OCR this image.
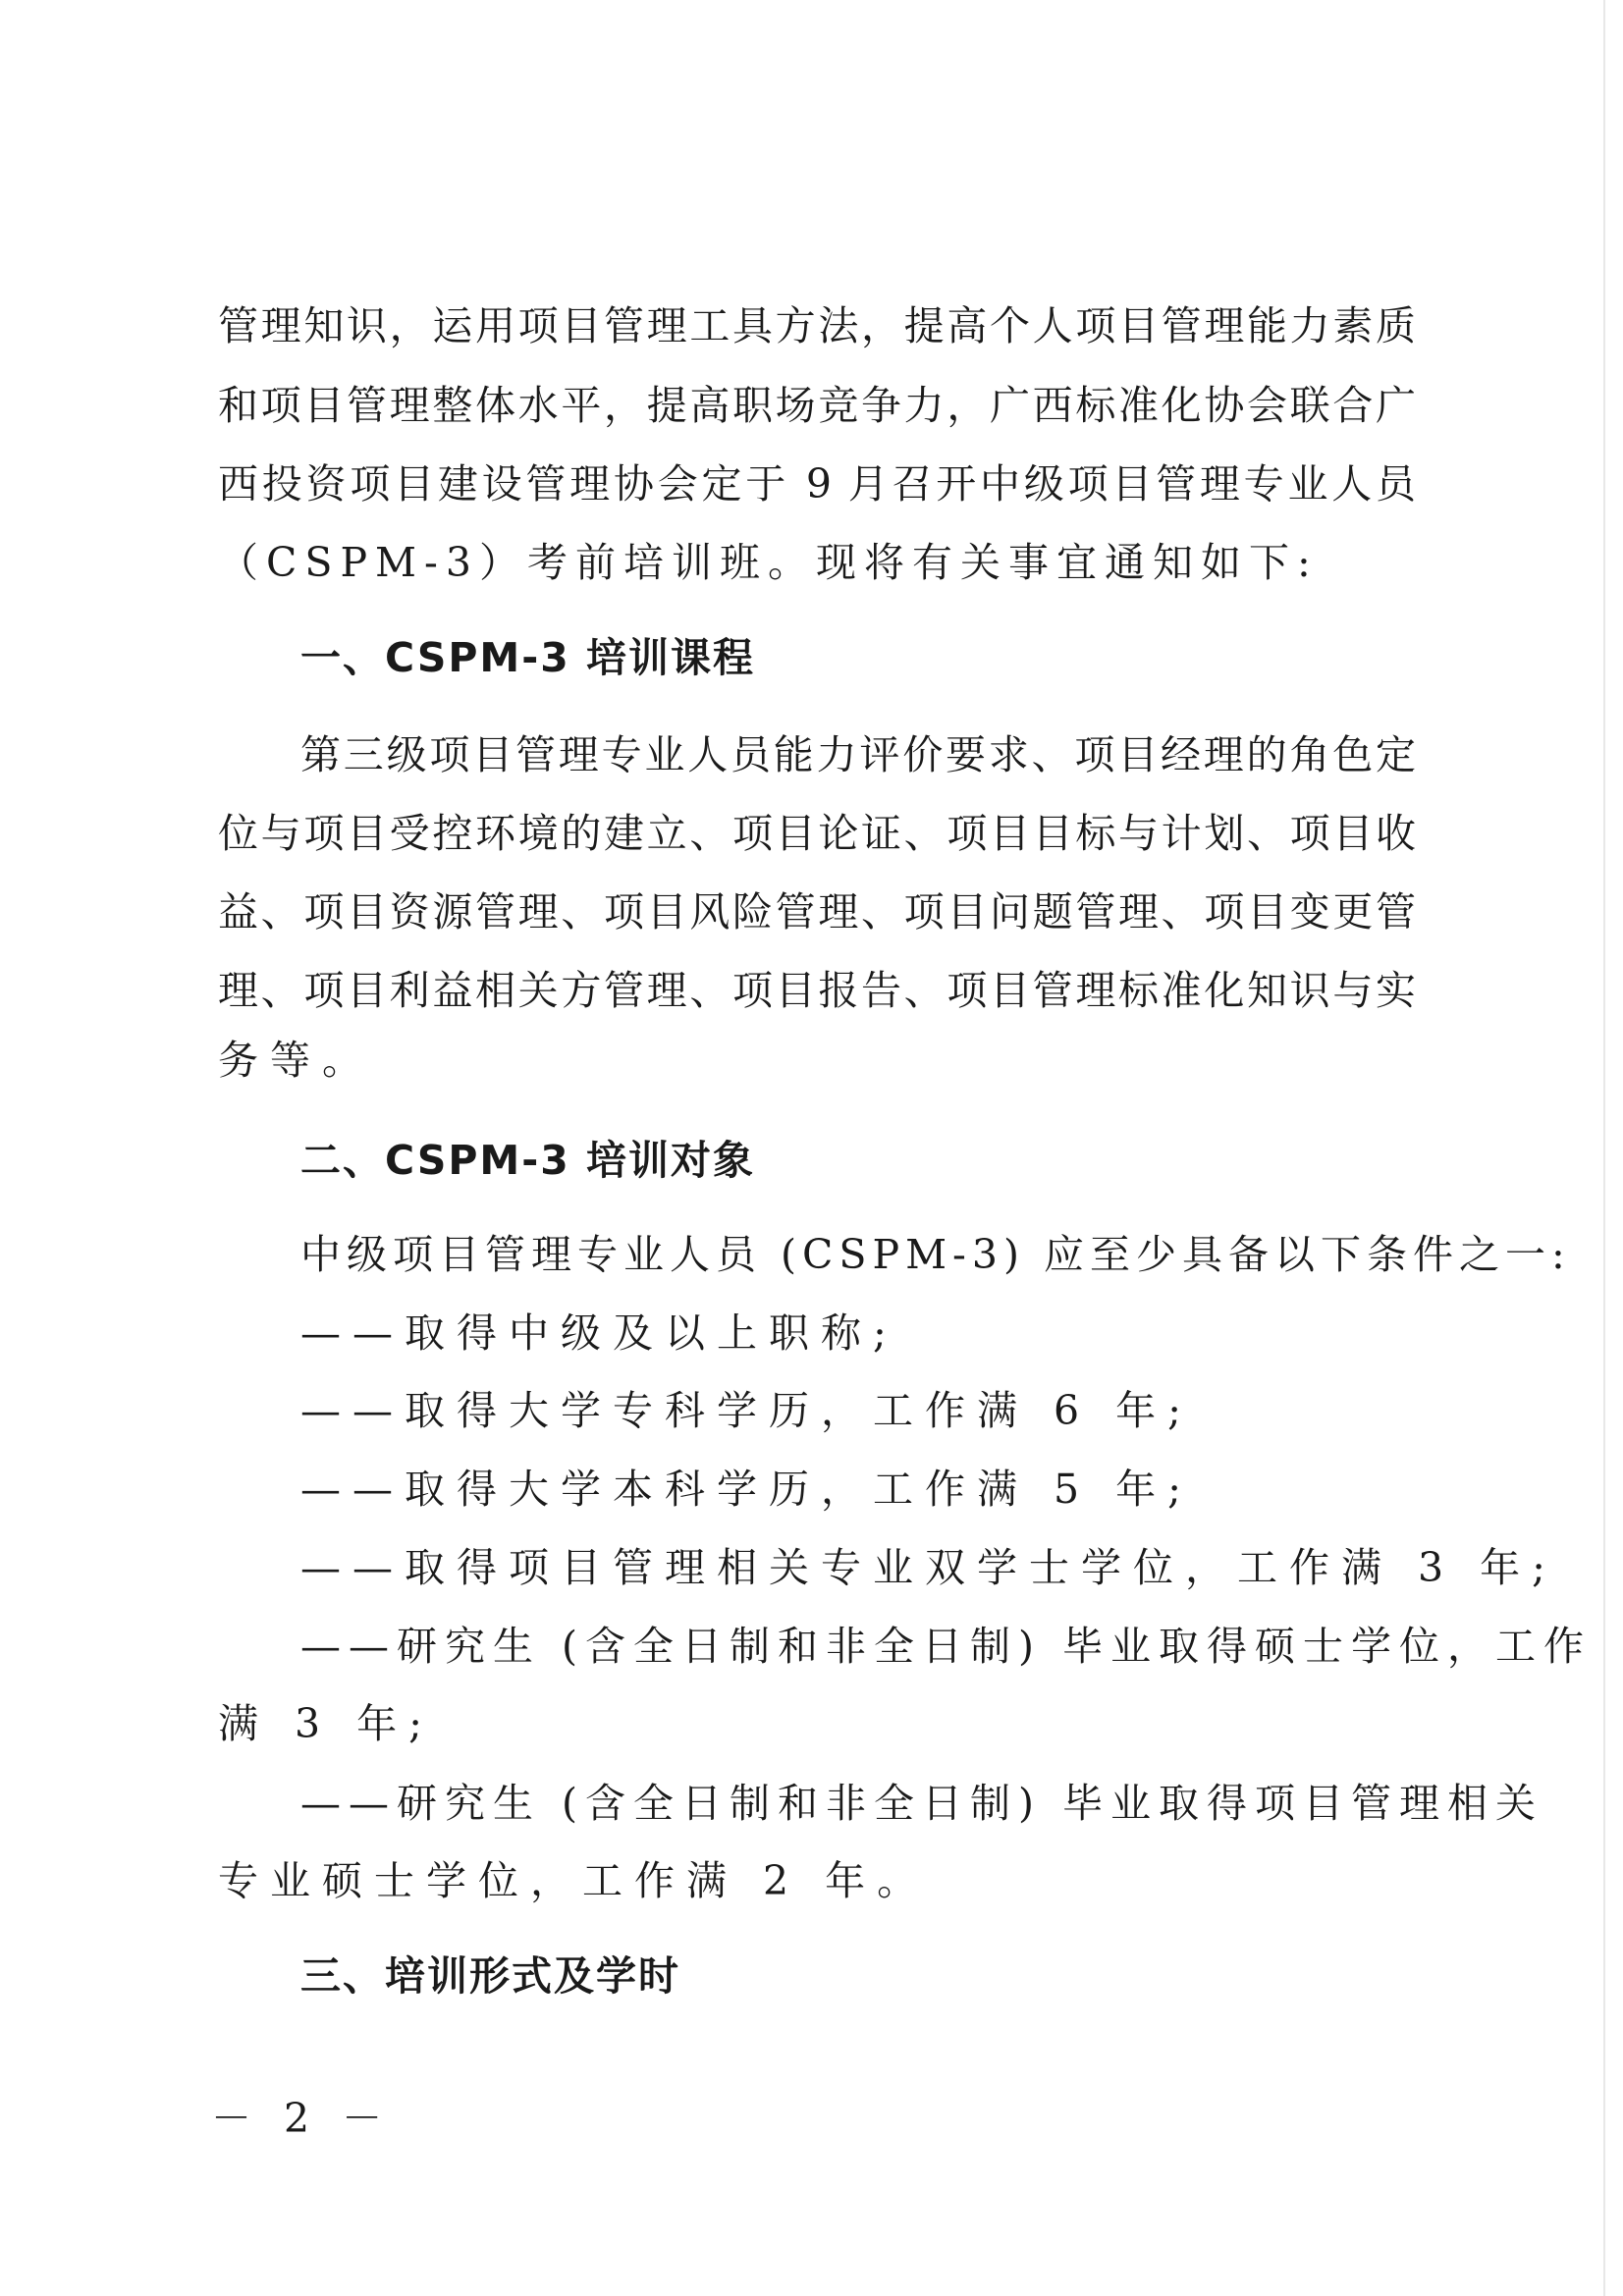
管理知识，运用项目管理工具方法，提高个人项目管理能力素质
和项目管理整体水平，提高职场竞争力，广西标准化协会联合广
西投资项目建设管理协会定于 9 月召开中级项目管理专业人员
（CSPM-3）考前培训班。现将有关事宜通知如下:
一、CSPM-3 培训课程
第三级项目管理专业人员能力评价要求、项目经理的角色定
位与项目受控环境的建立、项目论证、项目目标与计划、项目收
益、项目资源管理、项目风险管理、项目问题管理、项目变更管
理、项目利益相关方管理、项目报告、项目管理标准化知识与实
务等。
二、CSPM-3 培训对象
中级项目管理专业人员 (CSPM-3) 应至少具备以下条件之一:
——取得中级及以上职称;
——取得大学专科学历，工作满 6 年;
——取得大学本科学历，工作满 5 年;
——取得项目管理相关专业双学士学位，工作满 3 年;
——研究生 (含全日制和非全日制) 毕业取得硕士学位，工作
满 3 年;
——研究生 (含全日制和非全日制) 毕业取得项目管理相关
专业硕士学位，工作满 2 年。
三、培训形式及学时
－ 2 －
